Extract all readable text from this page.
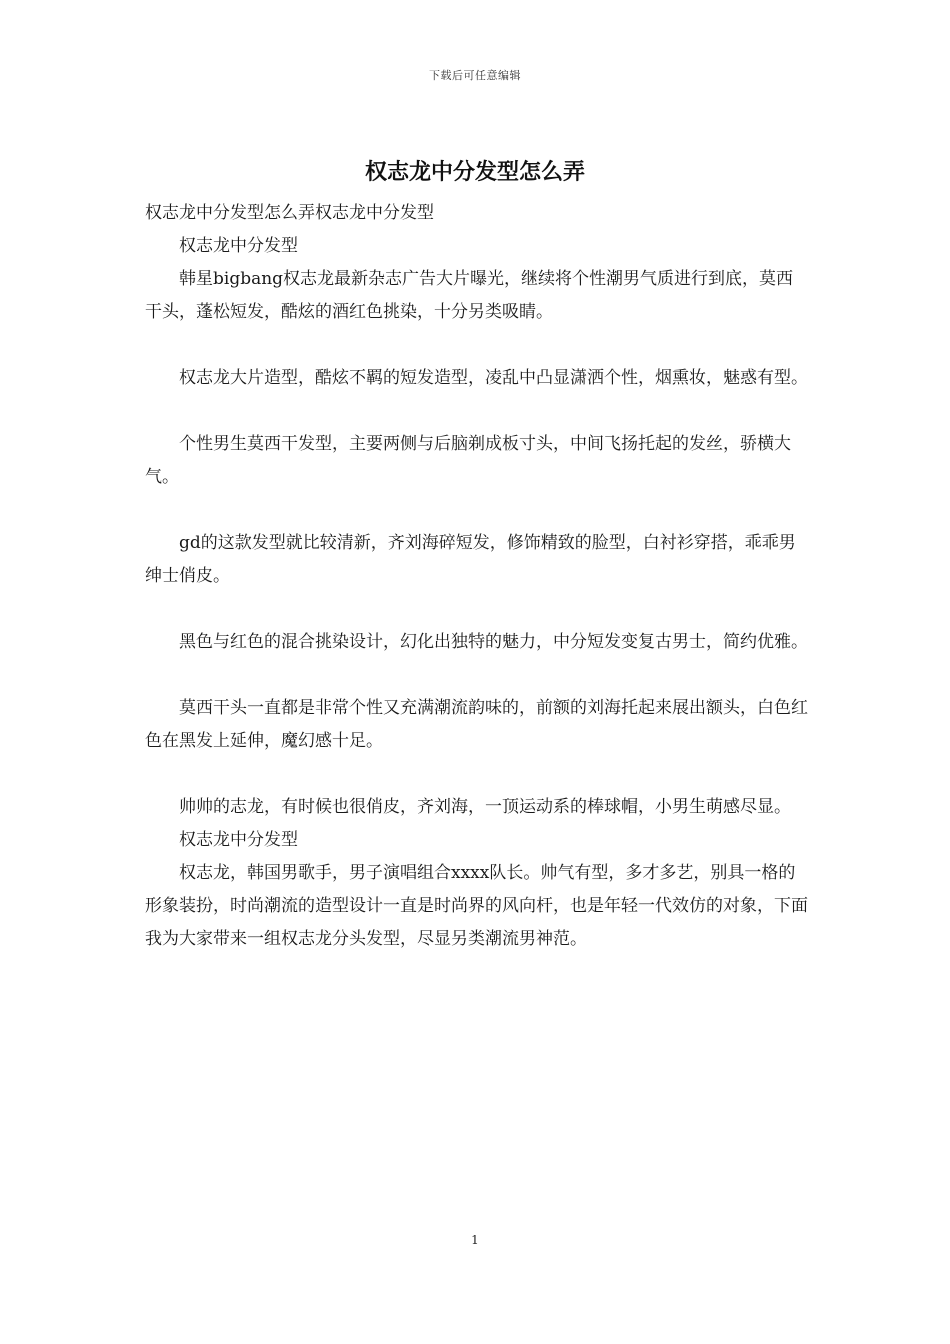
下载后可任意编辑
权志龙中分发型怎么弄

权志龙中分发型怎么弄权志龙中分发型

权志龙中分发型

韩星bigbang权志龙最新杂志广告大片曝光，继续将个性潮男气质进行到底，莫西干头，蓬松短发，酷炫的酒红色挑染，十分另类吸睛。

权志龙大片造型，酷炫不羁的短发造型，凌乱中凸显潇洒个性，烟熏妆，魅惑有型。

个性男生莫西干发型，主要两侧与后脑剃成板寸头，中间飞扬托起的发丝，骄横大气。

gd的这款发型就比较清新，齐刘海碎短发，修饰精致的脸型，白衬衫穿搭，乖乖男绅士俏皮。

黑色与红色的混合挑染设计，幻化出独特的魅力，中分短发变复古男士，简约优雅。

莫西干头一直都是非常个性又充满潮流韵味的，前额的刘海托起来展出额头，白色红色在黑发上延伸，魔幻感十足。

帅帅的志龙，有时候也很俏皮，齐刘海，一顶运动系的棒球帽，小男生萌感尽显。

权志龙中分发型

权志龙，韩国男歌手，男子演唱组合xxxx队长。帅气有型，多才多艺，别具一格的形象装扮，时尚潮流的造型设计一直是时尚界的风向杆，也是年轻一代效仿的对象，下面我为大家带来一组权志龙分头发型，尽显另类潮流男神范。

1
